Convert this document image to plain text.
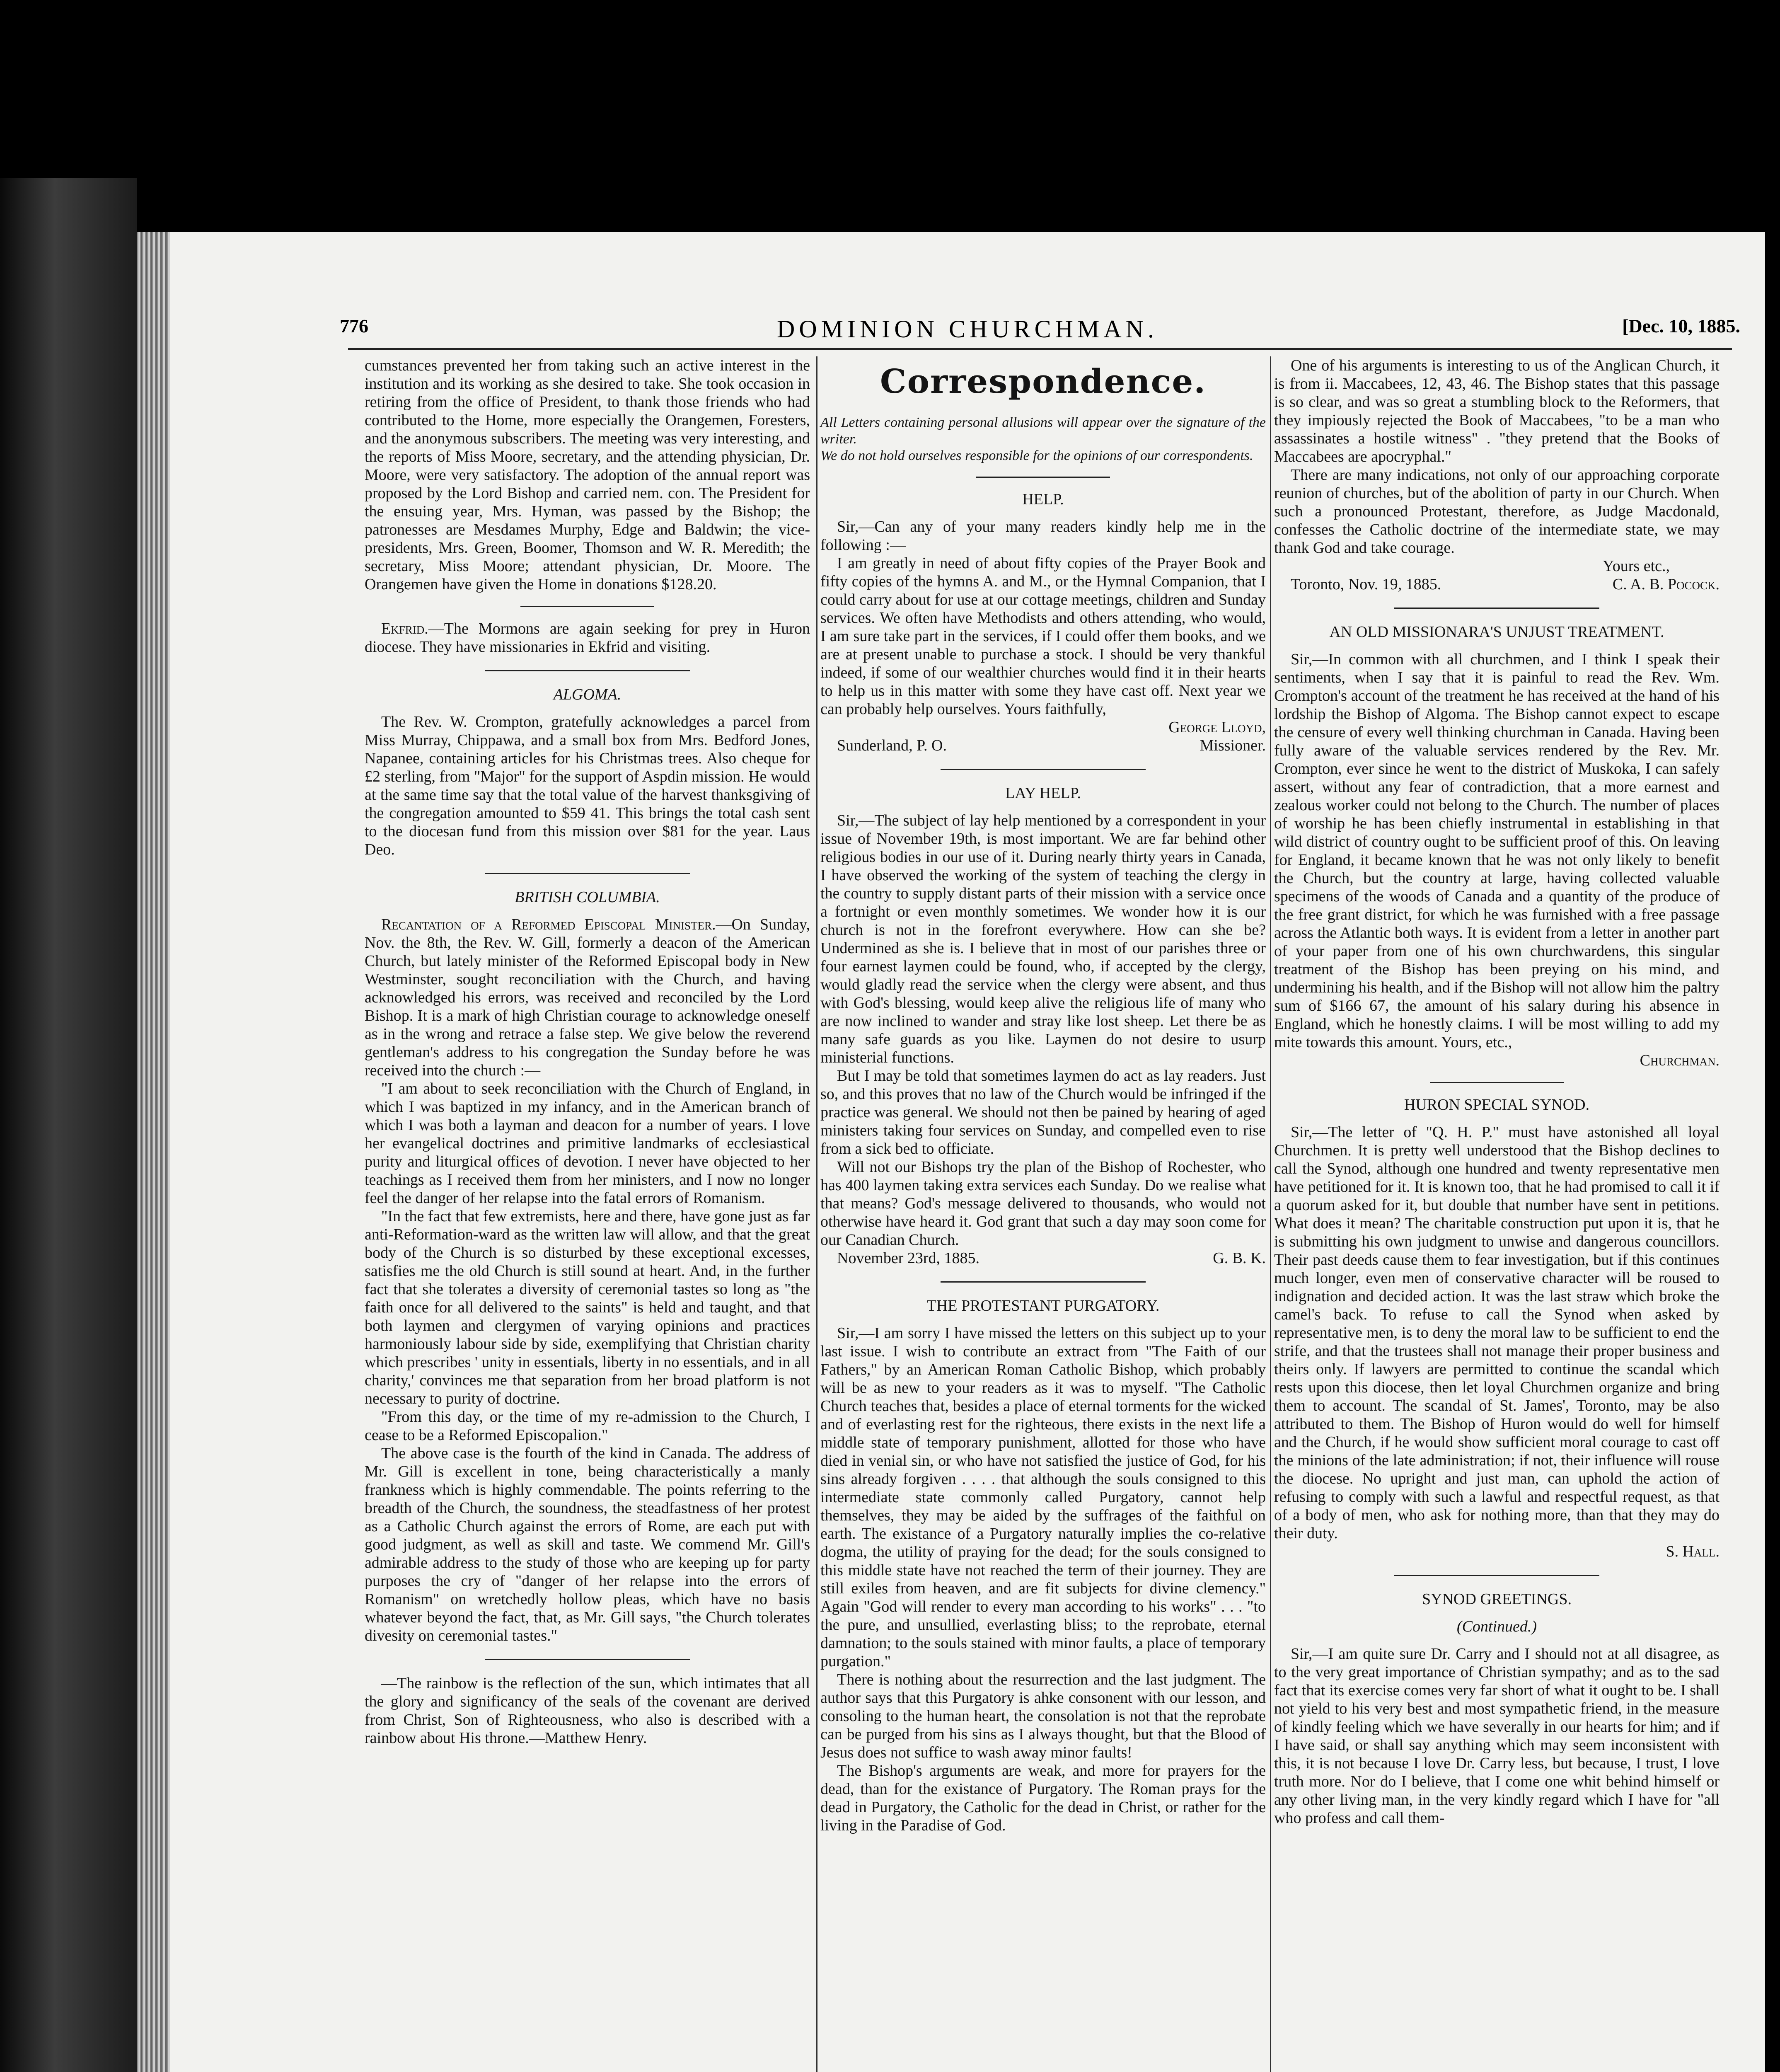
776	DOMINION CHURCHMAN.	[Dec. 10, 1885.

cumstances prevented her from taking such an active interest in the institution and its working as she desired to take. She took occasion in retiring from the office of President, to thank those friends who had contributed to the Home, more especially the Orangemen, Foresters, and the anonymous subscribers. The meeting was very interesting, and the reports of Miss Moore, secretary, and the attending physician, Dr. Moore, were very satisfactory. The adoption of the annual report was proposed by the Lord Bishop and carried nem. con. The President for the ensuing year, Mrs. Hyman, was passed by the Bishop; the patronesses are Mesdames Murphy, Edge and Baldwin; the vice-presidents, Mrs. Green, Boomer, Thomson and W. R. Meredith; the secretary, Miss Moore; attendant physician, Dr. Moore. The Orangemen have given the Home in donations $128.20.

Ekfrid.—The Mormons are again seeking for prey in Huron diocese. They have missionaries in Ekfrid and visiting.

ALGOMA.

The Rev. W. Crompton, gratefully acknowledges a parcel from Miss Murray, Chippawa, and a small box from Mrs. Bedford Jones, Napanee, containing articles for his Christmas trees. Also cheque for £2 sterling, from "Major" for the support of Aspdin mission. He would at the same time say that the total value of the harvest thanksgiving of the congregation amounted to $59 41. This brings the total cash sent to the diocesan fund from this mission over $81 for the year. Laus Deo.

BRITISH COLUMBIA.

Recantation of a Reformed Episcopal Minister.—On Sunday, Nov. the 8th, the Rev. W. Gill, formerly a deacon of the American Church, but lately minister of the Reformed Episcopal body in New Westminster, sought reconciliation with the Church, and having acknowledged his errors, was received and reconciled by the Lord Bishop. It is a mark of high Christian courage to acknowledge oneself as in the wrong and retrace a false step. We give below the reverend gentleman's address to his congregation the Sunday before he was received into the church :—

"I am about to seek reconciliation with the Church of England, in which I was baptized in my infancy, and in the American branch of which I was both a layman and deacon for a number of years. I love her evangelical doctrines and primitive landmarks of ecclesiastical purity and liturgical offices of devotion. I never have objected to her teachings as I received them from her ministers, and I now no longer feel the danger of her relapse into the fatal errors of Romanism.

"In the fact that few extremists, here and there, have gone just as far anti-Reformation-ward as the written law will allow, and that the great body of the Church is so disturbed by these exceptional excesses, satisfies me the old Church is still sound at heart. And, in the further fact that she tolerates a diversity of ceremonial tastes so long as "the faith once for all delivered to the saints" is held and taught, and that both laymen and clergymen of varying opinions and practices harmoniously labour side by side, exemplifying that Christian charity which prescribes ' unity in essentials, liberty in no essentials, and in all charity,' convinces me that separation from her broad platform is not necessary to purity of doctrine.

"From this day, or the time of my re-admission to the Church, I cease to be a Reformed Episcopalion."

The above case is the fourth of the kind in Canada. The address of Mr. Gill is excellent in tone, being characteristically a manly frankness which is highly commendable. The points referring to the breadth of the Church, the soundness, the steadfastness of her protest as a Catholic Church against the errors of Rome, are each put with good judgment, as well as skill and taste. We commend Mr. Gill's admirable address to the study of those who are keeping up for party purposes the cry of "danger of her relapse into the errors of Romanism" on wretchedly hollow pleas, which have no basis whatever beyond the fact, that, as Mr. Gill says, "the Church tolerates divesity on ceremonial tastes."

—The rainbow is the reflection of the sun, which intimates that all the glory and significancy of the seals of the covenant are derived from Christ, Son of Righteousness, who also is described with a rainbow about His throne.—Matthew Henry.

Correspondence.

All Letters containing personal allusions will appear over the signature of the writer.

We do not hold ourselves responsible for the opinions of our correspondents.

HELP.

Sir,—Can any of your many readers kindly help me in the following :—

I am greatly in need of about fifty copies of the Prayer Book and fifty copies of the hymns A. and M., or the Hymnal Companion, that I could carry about for use at our cottage meetings, children and Sunday services. We often have Methodists and others attending, who would, I am sure take part in the services, if I could offer them books, and we are at present unable to purchase a stock. I should be very thankful indeed, if some of our wealthier churches would find it in their hearts to help us in this matter with some they have cast off. Next year we can probably help ourselves. Yours faithfully,

George Lloyd,

Sunderland, P. O.	Missioner.
LAY HELP.

Sir,—The subject of lay help mentioned by a correspondent in your issue of November 19th, is most important. We are far behind other religious bodies in our use of it. During nearly thirty years in Canada, I have observed the working of the system of teaching the clergy in the country to supply distant parts of their mission with a service once a fortnight or even monthly sometimes. We wonder how it is our church is not in the forefront everywhere. How can she be? Undermined as she is. I believe that in most of our parishes three or four earnest laymen could be found, who, if accepted by the clergy, would gladly read the service when the clergy were absent, and thus with God's blessing, would keep alive the religious life of many who are now inclined to wander and stray like lost sheep. Let there be as many safe guards as you like. Laymen do not desire to usurp ministerial functions.

But I may be told that sometimes laymen do act as lay readers. Just so, and this proves that no law of the Church would be infringed if the practice was general. We should not then be pained by hearing of aged ministers taking four services on Sunday, and compelled even to rise from a sick bed to officiate.

Will not our Bishops try the plan of the Bishop of Rochester, who has 400 laymen taking extra services each Sunday. Do we realise what that means? God's message delivered to thousands, who would not otherwise have heard it. God grant that such a day may soon come for our Canadian Church.

November 23rd, 1885.	G. B. K.
THE PROTESTANT PURGATORY.

Sir,—I am sorry I have missed the letters on this subject up to your last issue. I wish to contribute an extract from "The Faith of our Fathers," by an American Roman Catholic Bishop, which probably will be as new to your readers as it was to myself. "The Catholic Church teaches that, besides a place of eternal torments for the wicked and of everlasting rest for the righteous, there exists in the next life a middle state of temporary punishment, allotted for those who have died in venial sin, or who have not satisfied the justice of God, for his sins already forgiven . . . . that although the souls consigned to this intermediate state commonly called Purgatory, cannot help themselves, they may be aided by the suffrages of the faithful on earth. The existance of a Purgatory naturally implies the co-relative dogma, the utility of praying for the dead; for the souls consigned to this middle state have not reached the term of their journey. They are still exiles from heaven, and are fit subjects for divine clemency." Again "God will render to every man according to his works" . . . "to the pure, and unsullied, everlasting bliss; to the reprobate, eternal damnation; to the souls stained with minor faults, a place of temporary purgation."

There is nothing about the resurrection and the last judgment. The author says that this Purgatory is ahke consonent with our lesson, and consoling to the human heart, the consolation is not that the reprobate can be purged from his sins as I always thought, but that the Blood of Jesus does not suffice to wash away minor faults!

The Bishop's arguments are weak, and more for prayers for the dead, than for the existance of Purgatory. The Roman prays for the dead in Purgatory, the Catholic for the dead in Christ, or rather for the living in the Paradise of God.

One of his arguments is interesting to us of the Anglican Church, it is from ii. Maccabees, 12, 43, 46. The Bishop states that this passage is so clear, and was so great a stumbling block to the Reformers, that they impiously rejected the Book of Maccabees, "to be a man who assassinates a hostile witness" . "they pretend that the Books of Maccabees are apocryphal."

There are many indications, not only of our approaching corporate reunion of churches, but of the abolition of party in our Church. When such a pronounced Protestant, therefore, as Judge Macdonald, confesses the Catholic doctrine of the intermediate state, we may thank God and take courage.

Yours etc.,

Toronto, Nov. 19, 1885.	C. A. B. Pocock.
AN OLD MISSIONARA'S UNJUST TREATMENT.

Sir,—In common with all churchmen, and I think I speak their sentiments, when I say that it is painful to read the Rev. Wm. Crompton's account of the treatment he has received at the hand of his lordship the Bishop of Algoma. The Bishop cannot expect to escape the censure of every well thinking churchman in Canada. Having been fully aware of the valuable services rendered by the Rev. Mr. Crompton, ever since he went to the district of Muskoka, I can safely assert, without any fear of contradiction, that a more earnest and zealous worker could not belong to the Church. The number of places of worship he has been chiefly instrumental in establishing in that wild district of country ought to be sufficient proof of this. On leaving for England, it became known that he was not only likely to benefit the Church, but the country at large, having collected valuable specimens of the woods of Canada and a quantity of the produce of the free grant district, for which he was furnished with a free passage across the Atlantic both ways. It is evident from a letter in another part of your paper from one of his own churchwardens, this singular treatment of the Bishop has been preying on his mind, and undermining his health, and if the Bishop will not allow him the paltry sum of $166 67, the amount of his salary during his absence in England, which he honestly claims. I will be most willing to add my mite towards this amount. Yours, etc.,

Churchman.

HURON SPECIAL SYNOD.

Sir,—The letter of "Q. H. P." must have astonished all loyal Churchmen. It is pretty well understood that the Bishop declines to call the Synod, although one hundred and twenty representative men have petitioned for it. It is known too, that he had promised to call it if a quorum asked for it, but double that number have sent in petitions. What does it mean? The charitable construction put upon it is, that he is submitting his own judgment to unwise and dangerous councillors. Their past deeds cause them to fear investigation, but if this continues much longer, even men of conservative character will be roused to indignation and decided action. It was the last straw which broke the camel's back. To refuse to call the Synod when asked by representative men, is to deny the moral law to be sufficient to end the strife, and that the trustees shall not manage their proper business and theirs only. If lawyers are permitted to continue the scandal which rests upon this diocese, then let loyal Churchmen organize and bring them to account. The scandal of St. James', Toronto, may be also attributed to them. The Bishop of Huron would do well for himself and the Church, if he would show sufficient moral courage to cast off the minions of the late administration; if not, their influence will rouse the diocese. No upright and just man, can uphold the action of refusing to comply with such a lawful and respectful request, as that of a body of men, who ask for nothing more, than that they may do their duty.

S. Hall.

SYNOD GREETINGS.
(Continued.)

Sir,—I am quite sure Dr. Carry and I should not at all disagree, as to the very great importance of Christian sympathy; and as to the sad fact that its exercise comes very far short of what it ought to be. I shall not yield to his very best and most sympathetic friend, in the measure of kindly feeling which we have severally in our hearts for him; and if I have said, or shall say anything which may seem inconsistent with this, it is not because I love Dr. Carry less, but because, I trust, I love truth more. Nor do I believe, that I come one whit behind himself or any other living man, in the very kindly regard which I have for "all who profess and call them-
